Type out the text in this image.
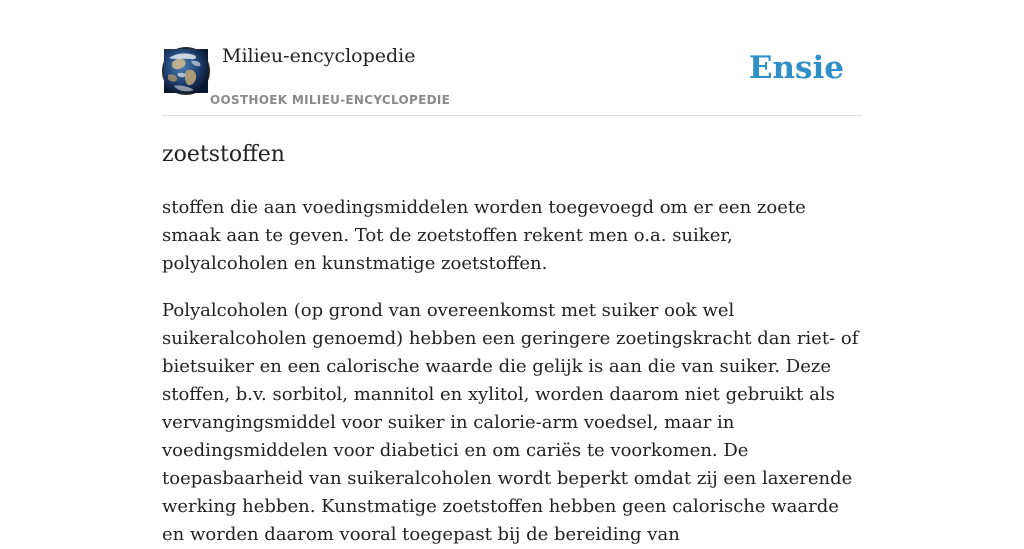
Milieu-encyclopedie
OOSTHOEK MILIEU-ENCYCLOPEDIE
Ensie
zoetstoffen

stoffen die aan voedingsmiddelen worden toegevoegd om er een zoete smaak aan te geven. Tot de zoetstoffen rekent men o.a. suiker, polyalcoholen en kunstmatige zoetstoffen.

Polyalcoholen (op grond van overeenkomst met suiker ook wel suikeralcoholen genoemd) hebben een geringere zoetingskracht dan riet- of bietsuiker en een calorische waarde die gelijk is aan die van suiker. Deze stoffen, b.v. sorbitol, mannitol en xylitol, worden daarom niet gebruikt als vervangingsmiddel voor suiker in calorie-arm voedsel, maar in voedingsmiddelen voor diabetici en om cariës te voorkomen. De toepasbaarheid van suikeralcoholen wordt beperkt omdat zij een laxerende werking hebben. Kunstmatige zoetstoffen hebben geen calorische waarde en worden daarom vooral toegepast bij de bereiding van
